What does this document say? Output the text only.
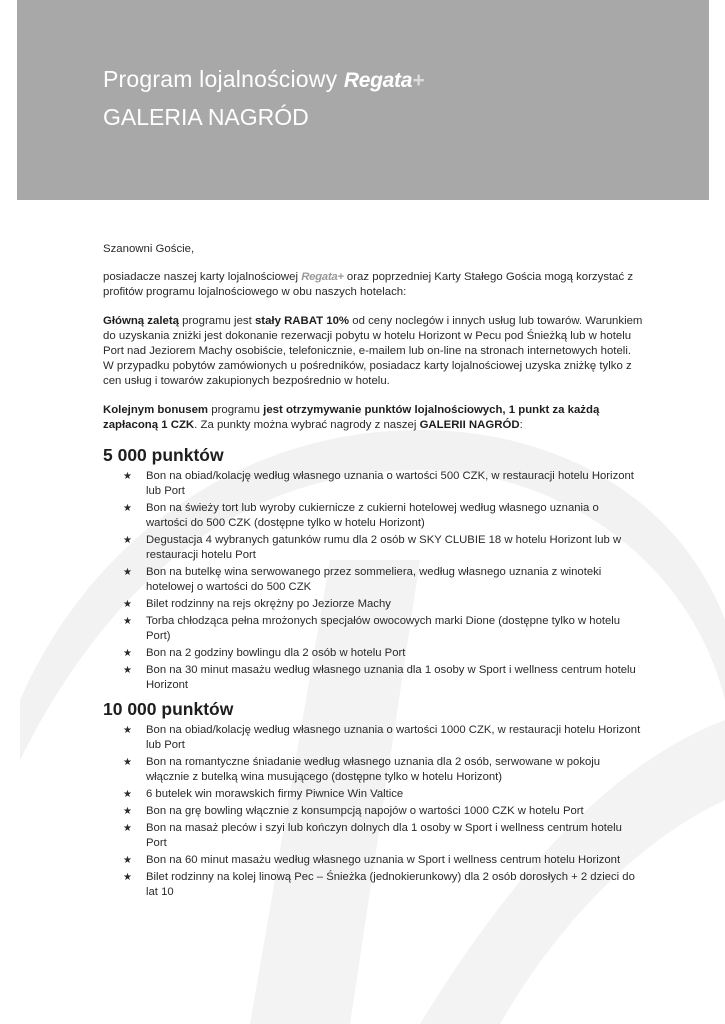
Program lojalnościowy Regata+
GALERIA NAGRÓD

Szanowni Goście,

posiadacze naszej karty lojalnościowej Regata+ oraz poprzedniej Karty Stałego Gościa mogą korzystać z profitów programu lojalnościowego w obu naszych hotelach:

Główną zaletą programu jest stały RABAT 10% od ceny noclegów i innych usług lub towarów. Warunkiem do uzyskania zniżki jest dokonanie rezerwacji pobytu w hotelu Horizont w Pecu pod Śnieżką lub w hotelu Port nad Jeziorem Machy osobiście, telefonicznie, e-mailem lub on-line na stronach internetowych hoteli. W przypadku pobytów zamówionych u pośredników, posiadacz karty lojalnościowej uzyska zniżkę tylko z cen usług i towarów zakupionych bezpośrednio w hotelu.

Kolejnym bonusem programu jest otrzymywanie punktów lojalnościowych, 1 punkt za każdą zapłaconą 1 CZK. Za punkty można wybrać nagrody z naszej GALERII NAGRÓD:

5 000 punktów
★ Bon na obiad/kolację według własnego uznania o wartości 500 CZK, w restauracji hotelu Horizont lub Port
★ Bon na świeży tort lub wyroby cukiernicze z cukierni hotelowej według własnego uznania o wartości do 500 CZK (dostępne tylko w hotelu Horizont)
★ Degustacja 4 wybranych gatunków rumu dla 2 osób w SKY CLUBIE 18 w hotelu Horizont lub w restauracji hotelu Port
★ Bon na butelkę wina serwowanego przez sommeliera, według własnego uznania z winoteki hotelowej o wartości do 500 CZK
★ Bilet rodzinny na rejs okrężny po Jeziorze Machy
★ Torba chłodząca pełna mrożonych specjałów owocowych marki Dione (dostępne tylko w hotelu Port)
★ Bon na 2 godziny bowlingu dla 2 osób w hotelu Port
★ Bon na 30 minut masażu według własnego uznania dla 1 osoby w Sport i wellness centrum hotelu Horizont
10 000 punktów
★ Bon na obiad/kolację według własnego uznania o wartości 1000 CZK, w restauracji hotelu Horizont lub Port
★ Bon na romantyczne śniadanie według własnego uznania dla 2 osób, serwowane w pokoju włącznie z butelką wina musującego (dostępne tylko w hotelu Horizont)
★ 6 butelek win morawskich firmy Piwnice Win Valtice
★ Bon na grę bowling włącznie z konsumpcją napojów o wartości 1000 CZK w hotelu Port
★ Bon na masaż pleców i szyi lub kończyn dolnych dla 1 osoby w Sport i wellness centrum hotelu Port
★ Bon na 60 minut masażu według własnego uznania w Sport i wellness centrum hotelu Horizont
★ Bilet rodzinny na kolej linową Pec – Śnieżka (jednokierunkowy) dla 2 osób dorosłych + 2 dzieci do lat 10
